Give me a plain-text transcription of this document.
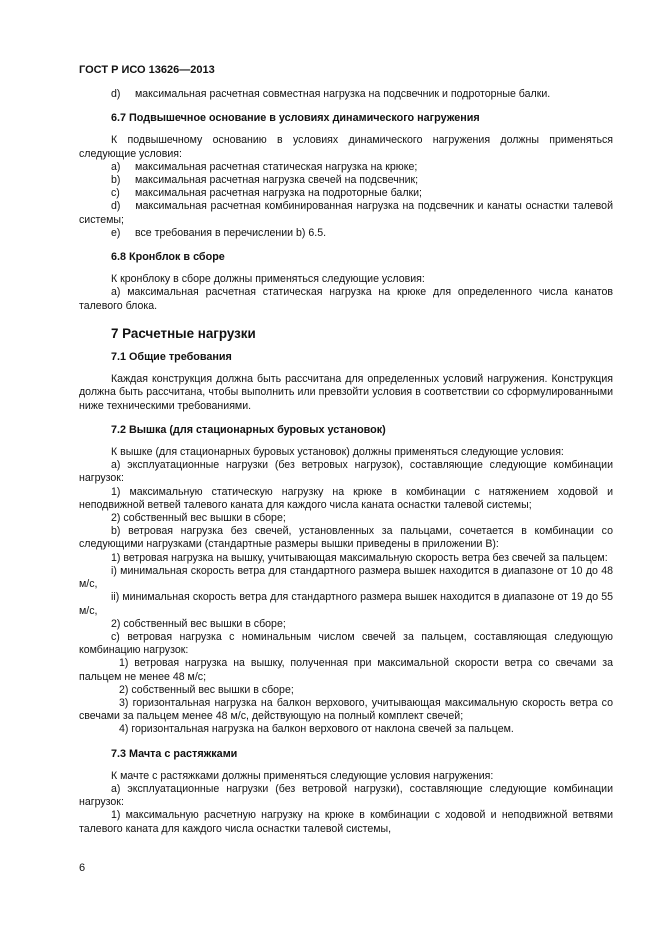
ГОСТ Р ИСО 13626—2013
d)	максимальная расчетная совместная нагрузка на подсвечник и подроторные балки.
6.7 Подвышечное основание в условиях динамического нагружения

К подвышечному основанию в условиях динамического нагружения должны применяться следующие условия:

a)	максимальная расчетная статическая нагрузка на крюке;
b)	максимальная расчетная нагрузка свечей на подсвечник;
c)	максимальная расчетная нагрузка на подроторные балки;

d)    максимальная расчетная комбинированная нагрузка на подсвечник и канаты оснастки талевой системы;

e)	все требования в перечислении b) 6.5.
6.8 Кронблок в сборе

К кронблоку в сборе должны применяться следующие условия:

а) максимальная расчетная статическая нагрузка на крюке для определенного числа канатов талевого блока.

7 Расчетные нагрузки
7.1 Общие требования

Каждая конструкция должна быть рассчитана для определенных условий нагружения. Конструкция должна быть рассчитана, чтобы выполнить или превзойти условия в соответствии со сформулированными ниже техническими требованиями.

7.2 Вышка (для стационарных буровых установок)

К вышке (для стационарных буровых установок) должны применяться следующие условия:

а) эксплуатационные нагрузки (без ветровых нагрузок), составляющие следующие комбинации нагрузок:

1) максимальную статическую нагрузку на крюке в комбинации с натяжением ходовой и неподвижной ветвей талевого каната для каждого числа каната оснастки талевой системы;

2) собственный вес вышки в сборе;

b) ветровая нагрузка без свечей, установленных за пальцами, сочетается в комбинации со следующими нагрузками (стандартные размеры вышки приведены в приложении В):

1) ветровая нагрузка на вышку, учитывающая максимальную скорость ветра без свечей за пальцем:

i) минимальная скорость ветра для стандартного размера вышек находится в диапазоне от 10 до 48 м/с,

ii) минимальная скорость ветра для стандартного размера вышек находится в диапазоне от 19 до 55 м/с,

2) собственный вес вышки в сборе;

c) ветровая нагрузка с номинальным числом свечей за пальцем, составляющая следующую комбинацию нагрузок:

1) ветровая нагрузка на вышку, полученная при максимальной скорости ветра со свечами за пальцем не менее 48 м/с;

2) собственный вес вышки в сборе;

3) горизонтальная нагрузка на балкон верхового, учитывающая максимальную скорость ветра со свечами за пальцем менее 48 м/с, действующую на полный комплект свечей;

4) горизонтальная нагрузка на балкон верхового от наклона свечей за пальцем.

7.3 Мачта с растяжками

К мачте с растяжками должны применяться следующие условия нагружения:

а) эксплуатационные нагрузки (без ветровой нагрузки), составляющие следующие комбинации нагрузок:

1) максимальную расчетную нагрузку на крюке в комбинации с ходовой и неподвижной ветвями талевого каната для каждого числа оснастки талевой системы,

6
